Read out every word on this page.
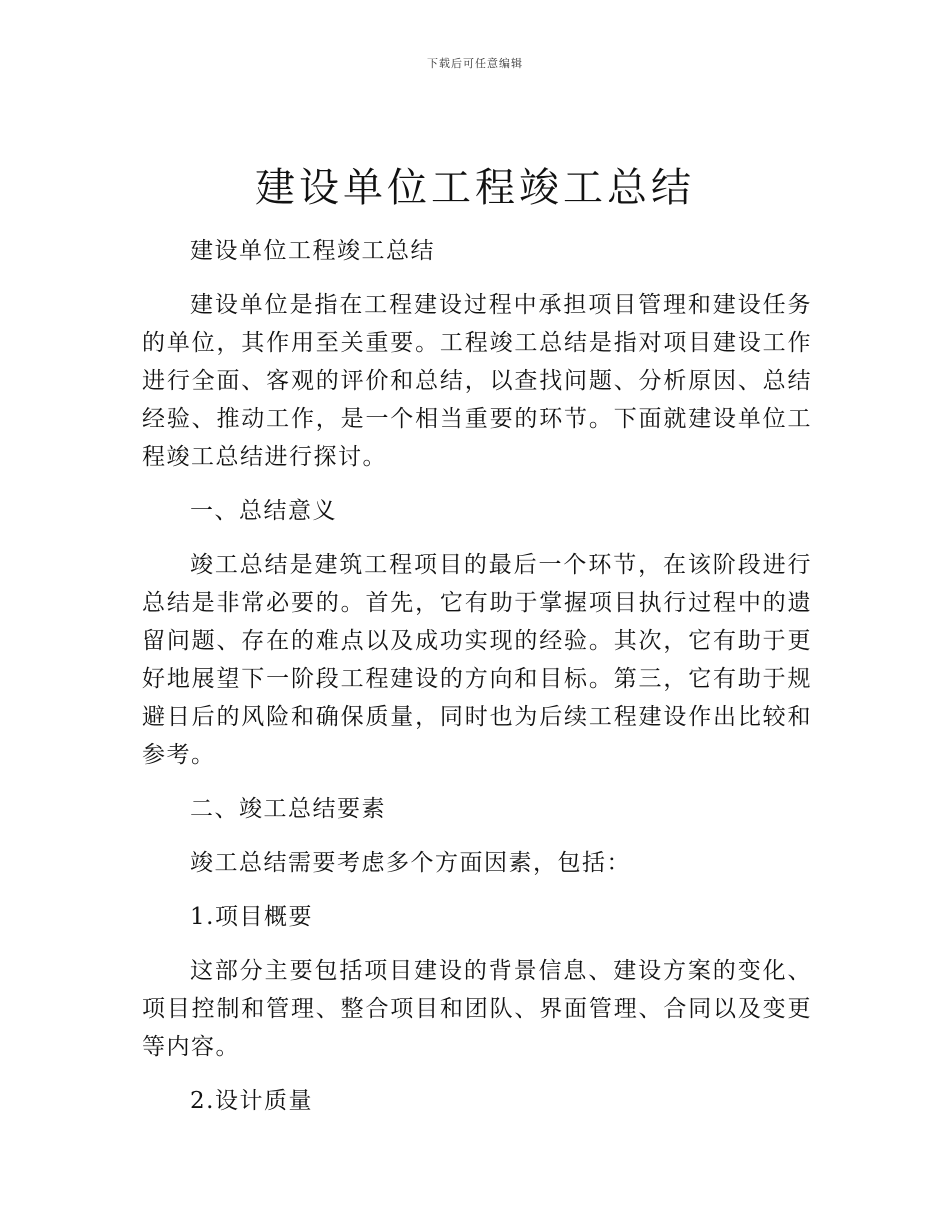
下载后可任意编辑
建设单位工程竣工总结

建设单位工程竣工总结

建设单位是指在工程建设过程中承担项目管理和建设任务的单位，其作用至关重要。工程竣工总结是指对项目建设工作进行全面、客观的评价和总结，以查找问题、分析原因、总结经验、推动工作，是一个相当重要的环节。下面就建设单位工程竣工总结进行探讨。

一、总结意义

竣工总结是建筑工程项目的最后一个环节，在该阶段进行总结是非常必要的。首先，它有助于掌握项目执行过程中的遗留问题、存在的难点以及成功实现的经验。其次，它有助于更好地展望下一阶段工程建设的方向和目标。第三，它有助于规避日后的风险和确保质量，同时也为后续工程建设作出比较和参考。

二、竣工总结要素

竣工总结需要考虑多个方面因素，包括：

1.项目概要

这部分主要包括项目建设的背景信息、建设方案的变化、项目控制和管理、整合项目和团队、界面管理、合同以及变更等内容。

2.设计质量
